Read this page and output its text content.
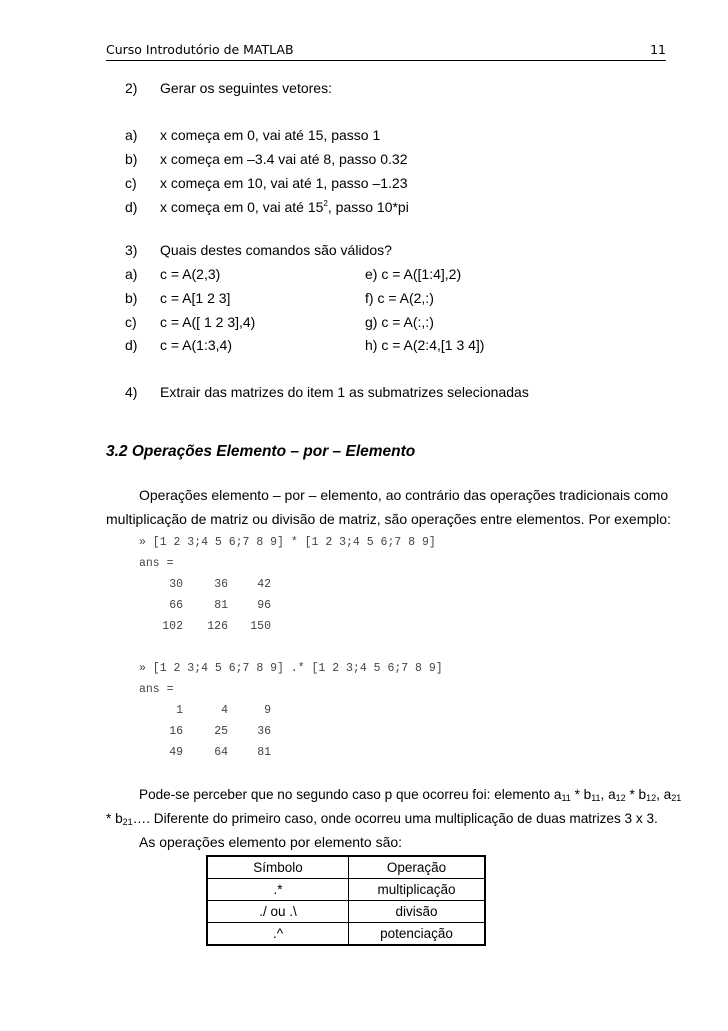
Curso Introdutório de MATLAB	11
2) Gerar os seguintes vetores:
a) x começa em 0, vai até 15, passo 1
b) x começa em –3.4 vai até 8, passo 0.32
c) x começa em 10, vai até 1, passo –1.23
d) x começa em 0, vai até $15^2$, passo 10*pi
3) Quais destes comandos são válidos?
a) c = A(2,3)	e) c = A([1:4],2)
b) c = A[1 2 3]	f) c = A(2,:)
c) c = A([ 1 2 3],4)	g) c = A(:,:)
d) c = A(1:3,4)	h) c = A(2:4,[1 3 4])
4) Extrair das matrizes do item 1 as submatrizes selecionadas
3.2 Operações Elemento – por – Elemento
Operações elemento – por – elemento, ao contrário das operações tradicionais como
multiplicação de matriz ou divisão de matriz, são operações entre elementos. Por exemplo:
» [1 2 3;4 5 6;7 8 9] * [1 2 3;4 5 6;7 8 9]
ans =
30	36	42
66	81	96
102	126	150
» [1 2 3;4 5 6;7 8 9] .* [1 2 3;4 5 6;7 8 9]
ans =
1	4	9
16	25	36
49	64	81
Pode-se perceber que no segundo caso p que ocorreu foi: elemento $a_{11} * b_{11}$, $a_{12} * b_{12}$, $a_{21}$
* $b_{21}\dots$. Diferente do primeiro caso, onde ocorreu uma multiplicação de duas matrizes 3 x 3.
As operações elemento por elemento são:
Símbolo	Operação
.*	multiplicação
./ ou .\	divisão
.^	potenciação
